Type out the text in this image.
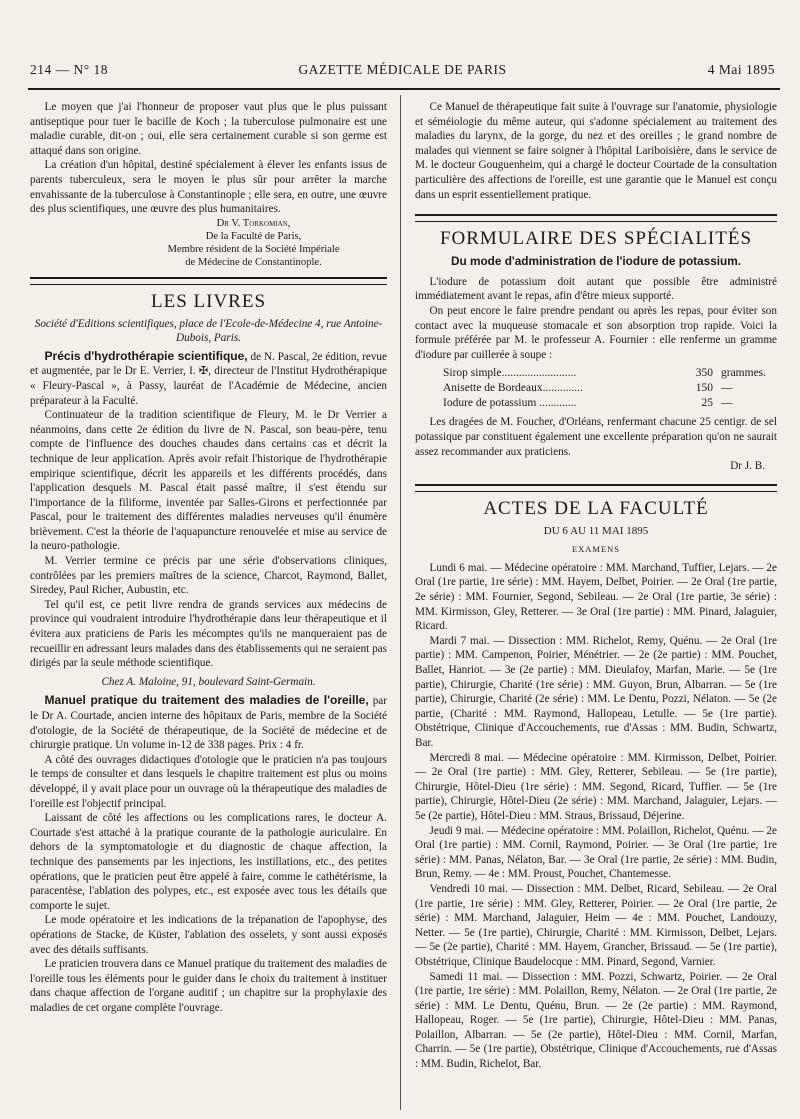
214 — N° 18	GAZETTE MÉDICALE DE PARIS	4 Mai 1895

Le moyen que j'ai l'honneur de proposer vaut plus que le plus puissant antiseptique pour tuer le bacille de Koch ; la tuberculose pulmonaire est une maladie curable, dit-on ; oui, elle sera certainement curable si son germe est attaqué dans son origine.

La création d'un hôpital, destiné spécialement à élever les enfants issus de parents tuberculeux, sera le moyen le plus sûr pour arrêter la marche envahissante de la tuberculose à Constantinople ; elle sera, en outre, une œuvre des plus scientifiques, une œuvre des plus humanitaires.

Dr V. Torkomian,
De la Faculté de Paris,
Membre résident de la Société Impériale
de Médecine de Constantinople.
LES LIVRES
Société d'Editions scientifiques, place de l'Ecole-de-Médecine 4, rue Antoine-Dubois, Paris.

Précis d'hydrothérapie scientifique, de N. Pascal, 2e édition, revue et augmentée, par le Dr E. Verrier, I. ✠, directeur de l'Institut Hydrothérapique « Fleury-Pascal », à Passy, lauréat de l'Académie de Médecine, ancien préparateur à la Faculté.

Continuateur de la tradition scientifique de Fleury, M. le Dr Verrier a néanmoins, dans cette 2e édition du livre de N. Pascal, son beau-père, tenu compte de l'influence des douches chaudes dans certains cas et décrit la technique de leur application. Après avoir refait l'historique de l'hydrothérapie empirique scientifique, décrit les appareils et les différents procédés, dans l'application desquels M. Pascal était passé maître, il s'est étendu sur l'importance de la filiforme, inventée par Salles-Girons et perfectionnée par Pascal, pour le traitement des différentes maladies nerveuses qu'il énumère brièvement. C'est la théorie de l'aquapuncture renouvelée et mise au service de la neuro-pathologie.

M. Verrier termine ce précis par une série d'observations cliniques, contrôlées par les premiers maîtres de la science, Charcot, Raymond, Ballet, Siredey, Paul Richer, Aubustin, etc.

Tel qu'il est, ce petit livre rendra de grands services aux médecins de province qui voudraient introduire l'hydrothérapie dans leur thérapeutique et il évitera aux praticiens de Paris les mécomptes qu'ils ne manqueraient pas de recueillir en adressant leurs malades dans des établissements qui ne seraient pas dirigés par la seule méthode scientifique.

Chez A. Maloine, 91, boulevard Saint-Germain.

Manuel pratique du traitement des maladies de l'oreille, par le Dr A. Courtade, ancien interne des hôpitaux de Paris, membre de la Société d'otologie, de la Société de thérapeutique, de la Société de médecine et de chirurgie pratique. Un volume in-12 de 338 pages. Prix : 4 fr.

A côté des ouvrages didactiques d'otologie que le praticien n'a pas toujours le temps de consulter et dans lesquels le chapitre traitement est plus ou moins développé, il y avait place pour un ouvrage où la thérapeutique des maladies de l'oreille est l'objectif principal.

Laissant de côté les affections ou les complications rares, le docteur A. Courtade s'est attaché à la pratique courante de la pathologie auriculaire. En dehors de la symptomatologie et du diagnostic de chaque affection, la technique des pansements par les injections, les instillations, etc., des petites opérations, que le praticien peut être appelé à faire, comme le cathétérisme, la paracentèse, l'ablation des polypes, etc., est exposée avec tous les détails que comporte le sujet.

Le mode opératoire et les indications de la trépanation de l'apophyse, des opérations de Stacke, de Küster, l'ablation des osselets, y sont aussi exposés avec des détails suffisants.

Le praticien trouvera dans ce Manuel pratique du traitement des maladies de l'oreille tous les éléments pour le guider dans le choix du traitement à instituer dans chaque affection de l'organe auditif ; un chapitre sur la prophylaxie des maladies de cet organe complète l'ouvrage.

Ce Manuel de thérapeutique fait suite à l'ouvrage sur l'anatomie, physiologie et séméiologie du même auteur, qui s'adonne spécialement au traitement des maladies du larynx, de la gorge, du nez et des oreilles ; le grand nombre de malades qui viennent se faire soigner à l'hôpital Lariboisière, dans le service de M. le docteur Gouguenheim, qui a chargé le docteur Courtade de la consultation particulière des affections de l'oreille, est une garantie que le Manuel est conçu dans un esprit essentiellement pratique.

FORMULAIRE DES SPÉCIALITÉS
Du mode d'administration de l'iodure de potassium.

L'iodure de potassium doit autant que possible être administré immédiatement avant le repas, afin d'être mieux supporté.

On peut encore le faire prendre pendant ou après les repas, pour éviter son contact avec la muqueuse stomacale et son absorption trop rapide. Voici la formule préférée par M. le professeur A. Fournier : elle renferme un gramme d'iodure par cuillerée à soupe :

Sirop simple..........................	350 grammes.
Anisette de Bordeaux..............	150 —
Iodure de potassium .............	25 —

Les dragées de M. Foucher, d'Orléans, renfermant chacune 25 centigr. de sel potassique par constituent également une excellente préparation qu'on ne saurait assez recommander aux praticiens.

Dr J. B.
ACTES DE LA FACULTÉ
DU 6 AU 11 MAI 1895
EXAMENS

Lundi 6 mai. — Médecine opératoire : MM. Marchand, Tuffier, Lejars. — 2e Oral (1re partie, 1re série) : MM. Hayem, Delbet, Poirier. — 2e Oral (1re partie, 2e série) : MM. Fournier, Segond, Sebileau. — 2e Oral (1re partie, 3e série) : MM. Kirmisson, Gley, Retterer. — 3e Oral (1re partie) : MM. Pinard, Jalaguier, Ricard.

Mardi 7 mai. — Dissection : MM. Richelot, Remy, Quénu. — 2e Oral (1re partie) : MM. Campenon, Poirier, Ménétrier. — 2e (2e partie) : MM. Pouchet, Ballet, Hanriot. — 3e (2e partie) : MM. Dieulafoy, Marfan, Marie. — 5e (1re partie), Chirurgie, Charité (1re série) : MM. Guyon, Brun, Albarran. — 5e (1re partie), Chirurgie, Charité (2e série) : MM. Le Dentu, Pozzi, Nélaton. — 5e (2e partie, (Charité : MM. Raymond, Hallopeau, Letulle. — 5e (1re partie). Obstétrique, Clinique d'Accouchements, rue d'Assas : MM. Budin, Schwartz, Bar.

Mercredi 8 mai. — Médecine opératoire : MM. Kirmisson, Delbet, Poirier. — 2e Oral (1re partie) : MM. Gley, Retterer, Sebileau. — 5e (1re partie), Chirurgie, Hôtel-Dieu (1re série) : MM. Segond, Ricard, Tuffier. — 5e (1re partie), Chirurgie, Hôtel-Dieu (2e série) : MM. Marchand, Jalaguier, Lejars. — 5e (2e partie), Hôtel-Dieu : MM. Straus, Brissaud, Déjerine.

Jeudi 9 mai. — Médecine opératoire : MM. Polaillon, Richelot, Quénu. — 2e Oral (1re partie) : MM. Cornil, Raymond, Poirier. — 3e Oral (1re partie, 1re série) : MM. Panas, Nélaton, Bar. — 3e Oral (1re partie, 2e série) : MM. Budin, Brun, Remy. — 4e : MM. Proust, Pouchet, Chantemesse.

Vendredi 10 mai. — Dissection : MM. Delbet, Ricard, Sebileau. — 2e Oral (1re partie, 1re série) : MM. Gley, Retterer, Poirier. — 2e Oral (1re partie, 2e série) : MM. Marchand, Jalaguier, Heim — 4e : MM. Pouchet, Landouzy, Netter. — 5e (1re partie), Chirurgie, Charité : MM. Kirmisson, Delbet, Lejars. — 5e (2e partie), Charité : MM. Hayem, Grancher, Brissaud. — 5e (1re partie), Obstétrique, Clinique Baudelocque : MM. Pinard, Segond, Varnier.

Samedi 11 mai. — Dissection : MM. Pozzi, Schwartz, Poirier. — 2e Oral (1re partie, 1re série) : MM. Polaillon, Remy, Nélaton. — 2e Oral (1re partie, 2e série) : MM. Le Dentu, Quénu, Brun. — 2e (2e partie) : MM. Raymond, Hallopeau, Roger. — 5e (1re partie), Chirurgie, Hôtel-Dieu : MM. Panas, Polaillon, Albarran. — 5e (2e partie), Hôtel-Dieu : MM. Cornil, Marfan, Charrin. — 5e (1re partie), Obstétrique, Clinique d'Accouchements, rue d'Assas : MM. Budin, Richelot, Bar.
